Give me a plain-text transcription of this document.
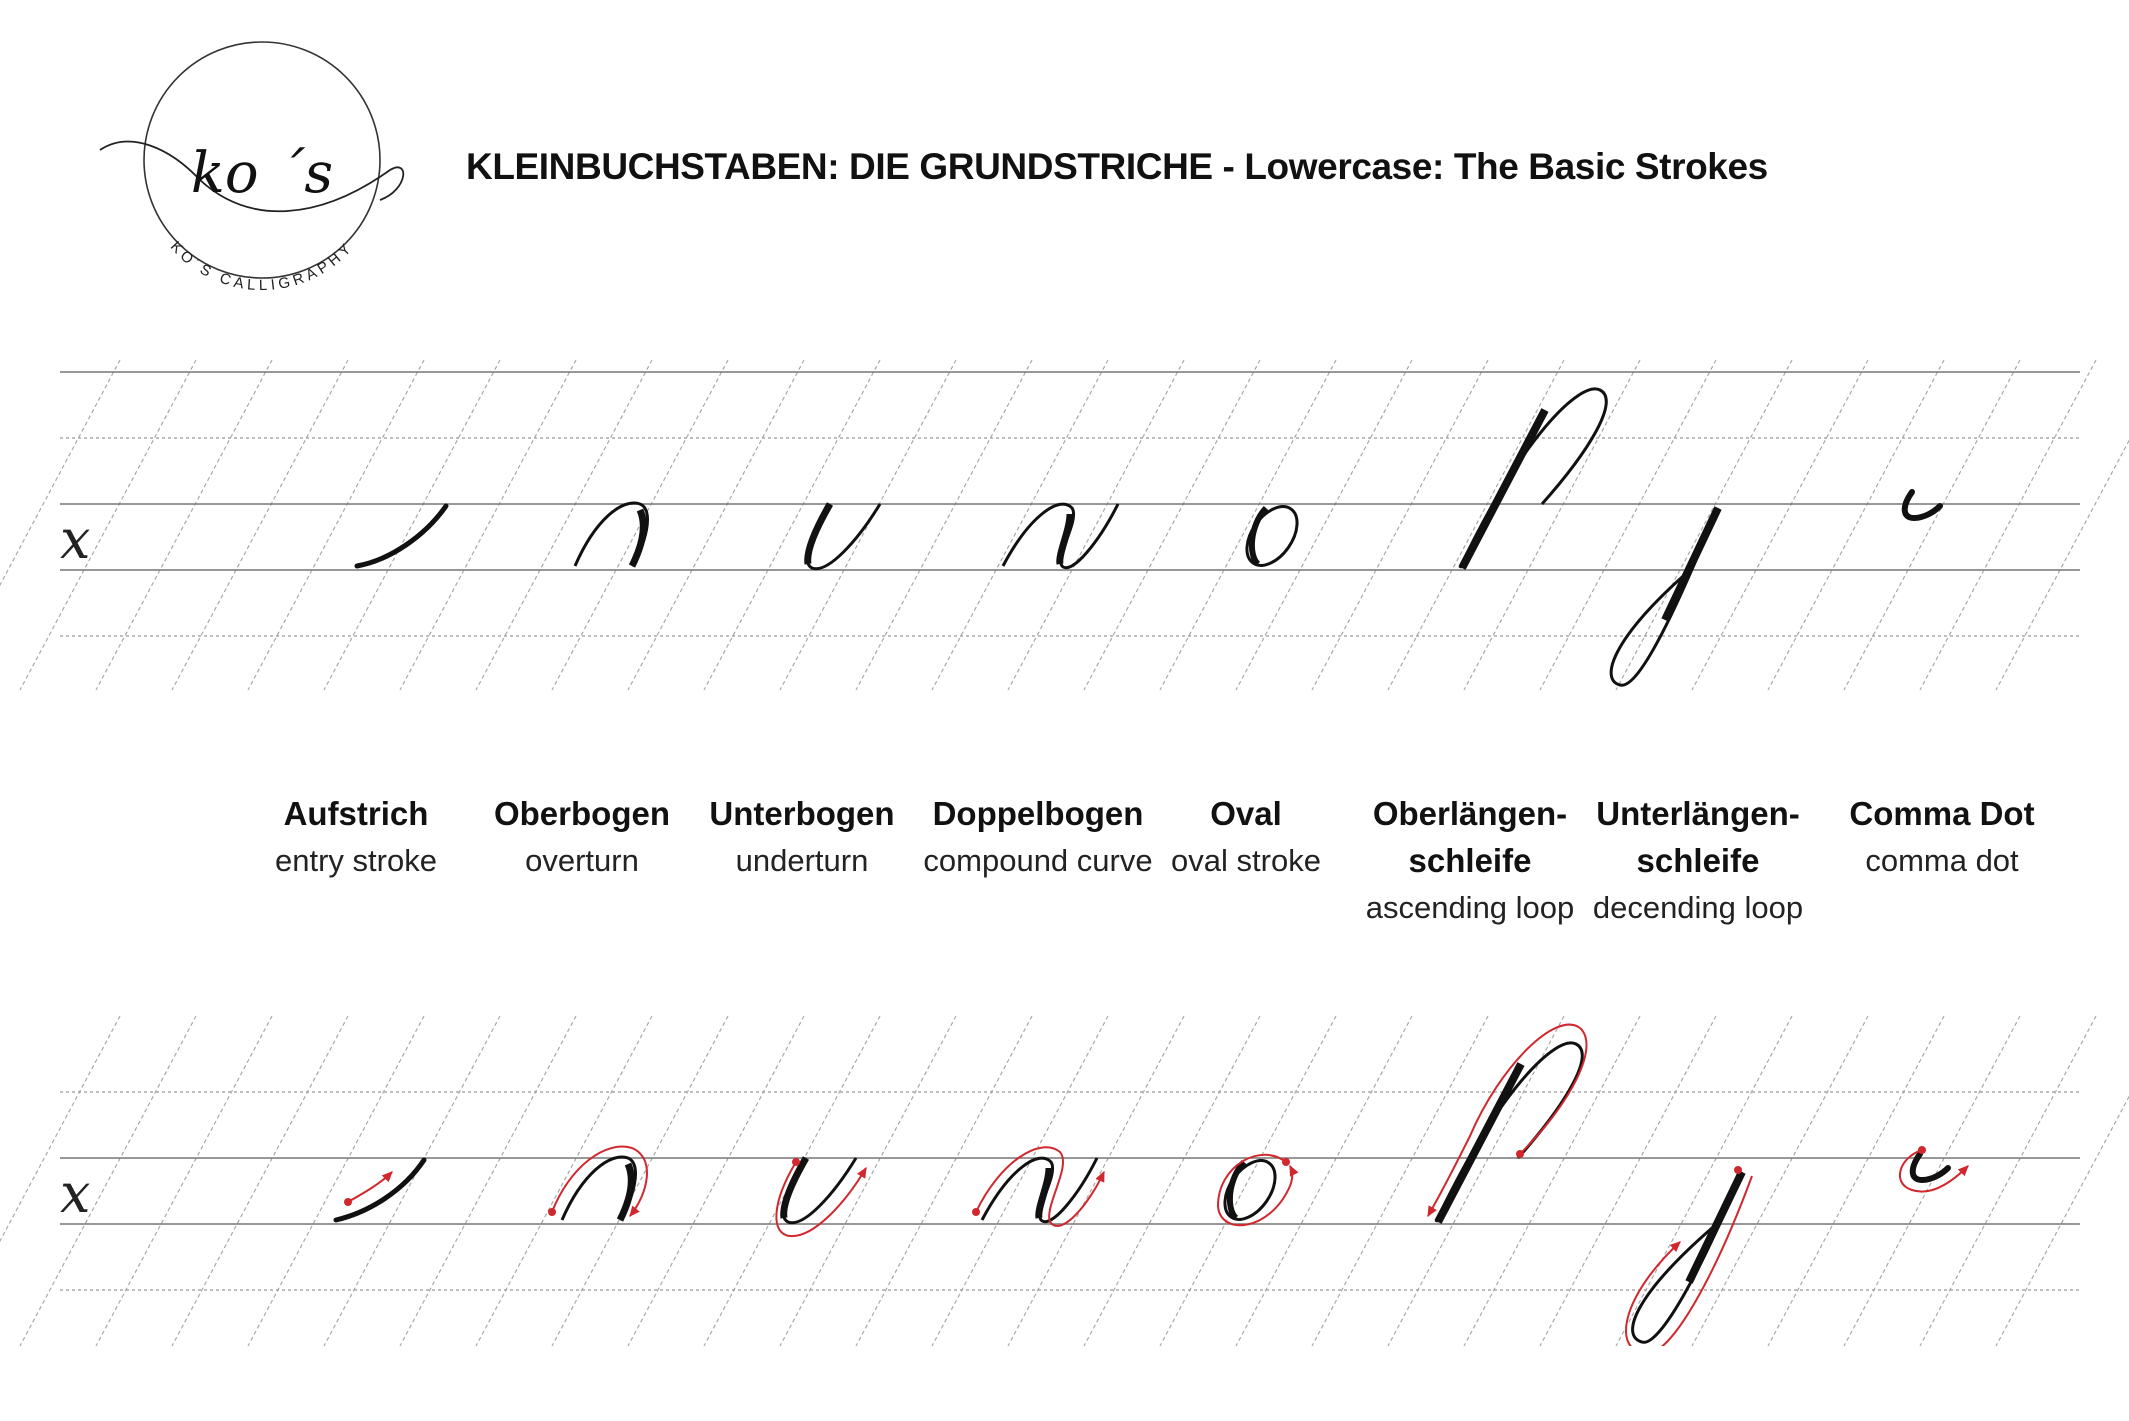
ko ´s
KO´S CALLIGRAPHY
KLEINBUCHSTABEN: DIE GRUNDSTRICHE - Lowercase: The Basic Strokes
x
Aufstrich
entry stroke
Oberbogen
overturn
Unterbogen
underturn
Doppelbogen
compound curve
Oval
oval stroke
Oberlängen-
schleife
ascending loop
Unterlängen-
schleife
decending loop
Comma Dot
comma dot
x
